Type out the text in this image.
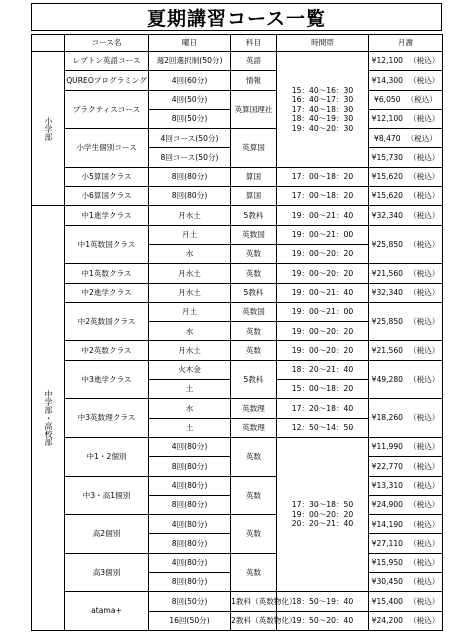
夏期講習コース一覧
	コース名	曜日	科目	時間帯	月謝
小学部	レプトン英語コース	週2回選択制(50分)	英語	15：40～16：30
16：40～17：30
17：40～18：30
18：40～19：30
19：40～20：30	¥12,100 （税込）
	QUREOプログラミング	4回(60分)	情報		¥14,300 （税込）
	プラクティスコース	4回(50分)	英算国理社		¥6,050 （税込）
		8回(50分)			¥12,100 （税込）
	小学生個別コース	4回コース(50分)	英算国		¥8,470 （税込）
		8回コース(50分)			¥15,730 （税込）
	小5算国クラス	8回(80分)	算国	17：00～18：20	¥15,620 （税込）
	小6算国クラス	8回(80分)	算国	17：00～18：20	¥15,620 （税込）
中学部・高校部	中1進学クラス	月水土	5教科	19：00～21：40	¥32,340 （税込）
	中1英数国クラス	月土	英数国	19：00～21：00	¥25,850 （税込）
		水	英数	19：00～20：20	
	中1英数クラス	月水土	英数	19：00～20：20	¥21,560 （税込）
	中2進学クラス	月水土	5教科	19：00～21：40	¥32,340 （税込）
	中2英数国クラス	月土	英数国	19：00～21：00	¥25,850 （税込）
		水	英数	19：00～20：20	
	中2英数クラス	月水土	英数	19：00～20：20	¥21,560 （税込）
	中3進学クラス	火木金	5教科	18：20～21：40	¥49,280 （税込）
		土		15：00～18：20	
	中3英数理クラス	水	英数理	17：20～18：40	¥18,260 （税込）
		土	英数理	12：50～14：50	
	中1・2個別	4回(80分)	英数	17：30～18：50
19：00～20：20
20：20～21：40	¥11,990 （税込）
		8回(80分)			¥22,770 （税込）
	中3・高1個別	4回(80分)	英数		¥13,310 （税込）
		8回(80分)			¥24,900 （税込）
	高2個別	4回(80分)	英数		¥14,190 （税込）
		8回(80分)			¥27,110 （税込）
	高3個別	4回(80分)	英数		¥15,950 （税込）
		8回(80分)			¥30,450 （税込）
	atama+	8回(50分)	1教科（英数物化）	18：50～19：40	¥15,400 （税込）
		16回(50分)	2教科（英数物化）	19：50～20：40	¥24,200 （税込）
